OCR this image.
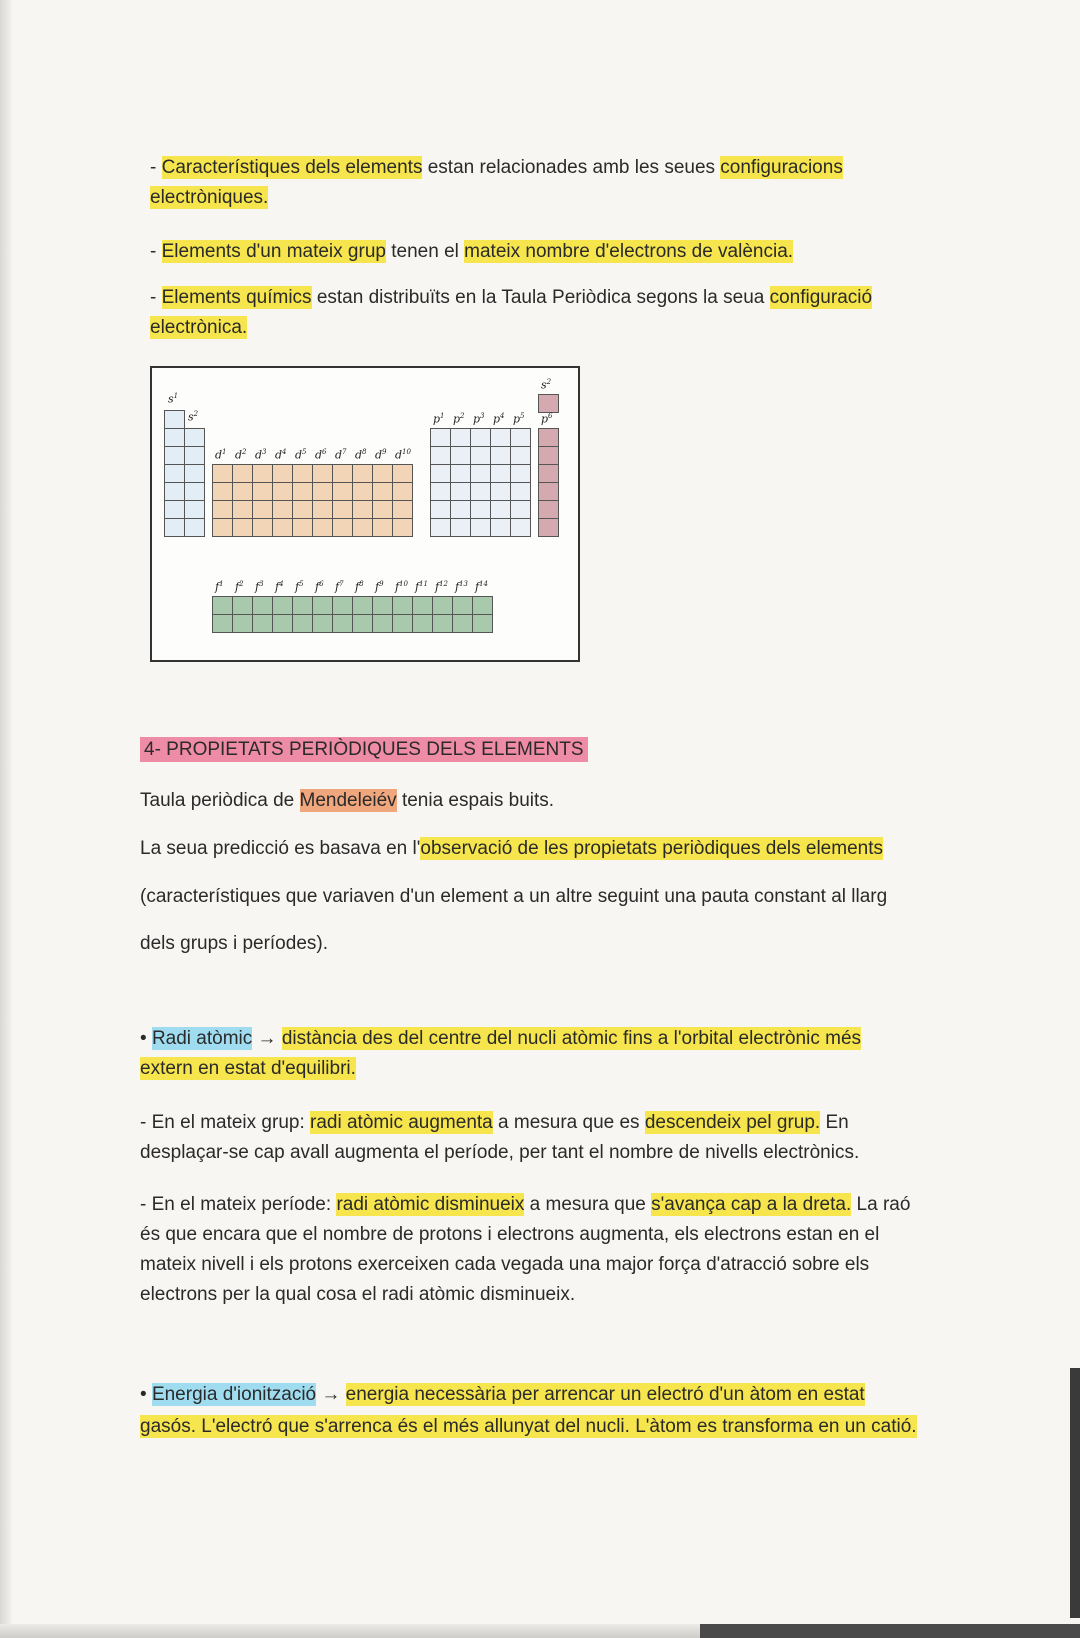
- Característiques dels elements estan relacionades amb les seues configuracions
electròniques.
- Elements d'un mateix grup tenen el mateix nombre d'electrons de valència.
- Elements químics estan distribuïts en la Taula Periòdica segons la seua configuració
electrònica.
$s^1$
$s^2$
$d^1$ $d^2$ $d^3$ $d^4$ $d^5$ $d^6$ $d^7$ $d^8$ $d^9$ $d^{10}$
$p^1$ $p^2$ $p^3$ $p^4$ $p^5$
$s^2$
$p^6$
$f^1$ $f^2$ $f^3$ $f^4$ $f^5$ $f^6$ $f^7$ $f^8$ $f^9$ $f^{10}$ $f^{11}$ $f^{12}$ $f^{13}$ $f^{14}$
4- PROPIETATS PERIÒDIQUES DELS ELEMENTS
Taula periòdica de Mendeleiév tenia espais buits.
La seua predicció es basava en l'observació de les propietats periòdiques dels elements
(característiques que variaven d'un element a un altre seguint una pauta constant al llarg
dels grups i períodes).
• Radi atòmic → distància des del centre del nucli atòmic fins a l'orbital electrònic més
extern en estat d'equilibri.
- En el mateix grup: radi atòmic augmenta a mesura que es descendeix pel grup. En
desplaçar-se cap avall augmenta el període, per tant el nombre de nivells electrònics.
- En el mateix període: radi atòmic disminueix a mesura que s'avança cap a la dreta. La raó
és que encara que el nombre de protons i electrons augmenta, els electrons estan en el
mateix nivell i els protons exerceixen cada vegada una major força d'atracció sobre els
electrons per la qual cosa el radi atòmic disminueix.
• Energia d'ionització → energia necessària per arrencar un electró d'un àtom en estat
gasós. L'electró que s'arrenca és el més allunyat del nucli. L'àtom es transforma en un catió.
